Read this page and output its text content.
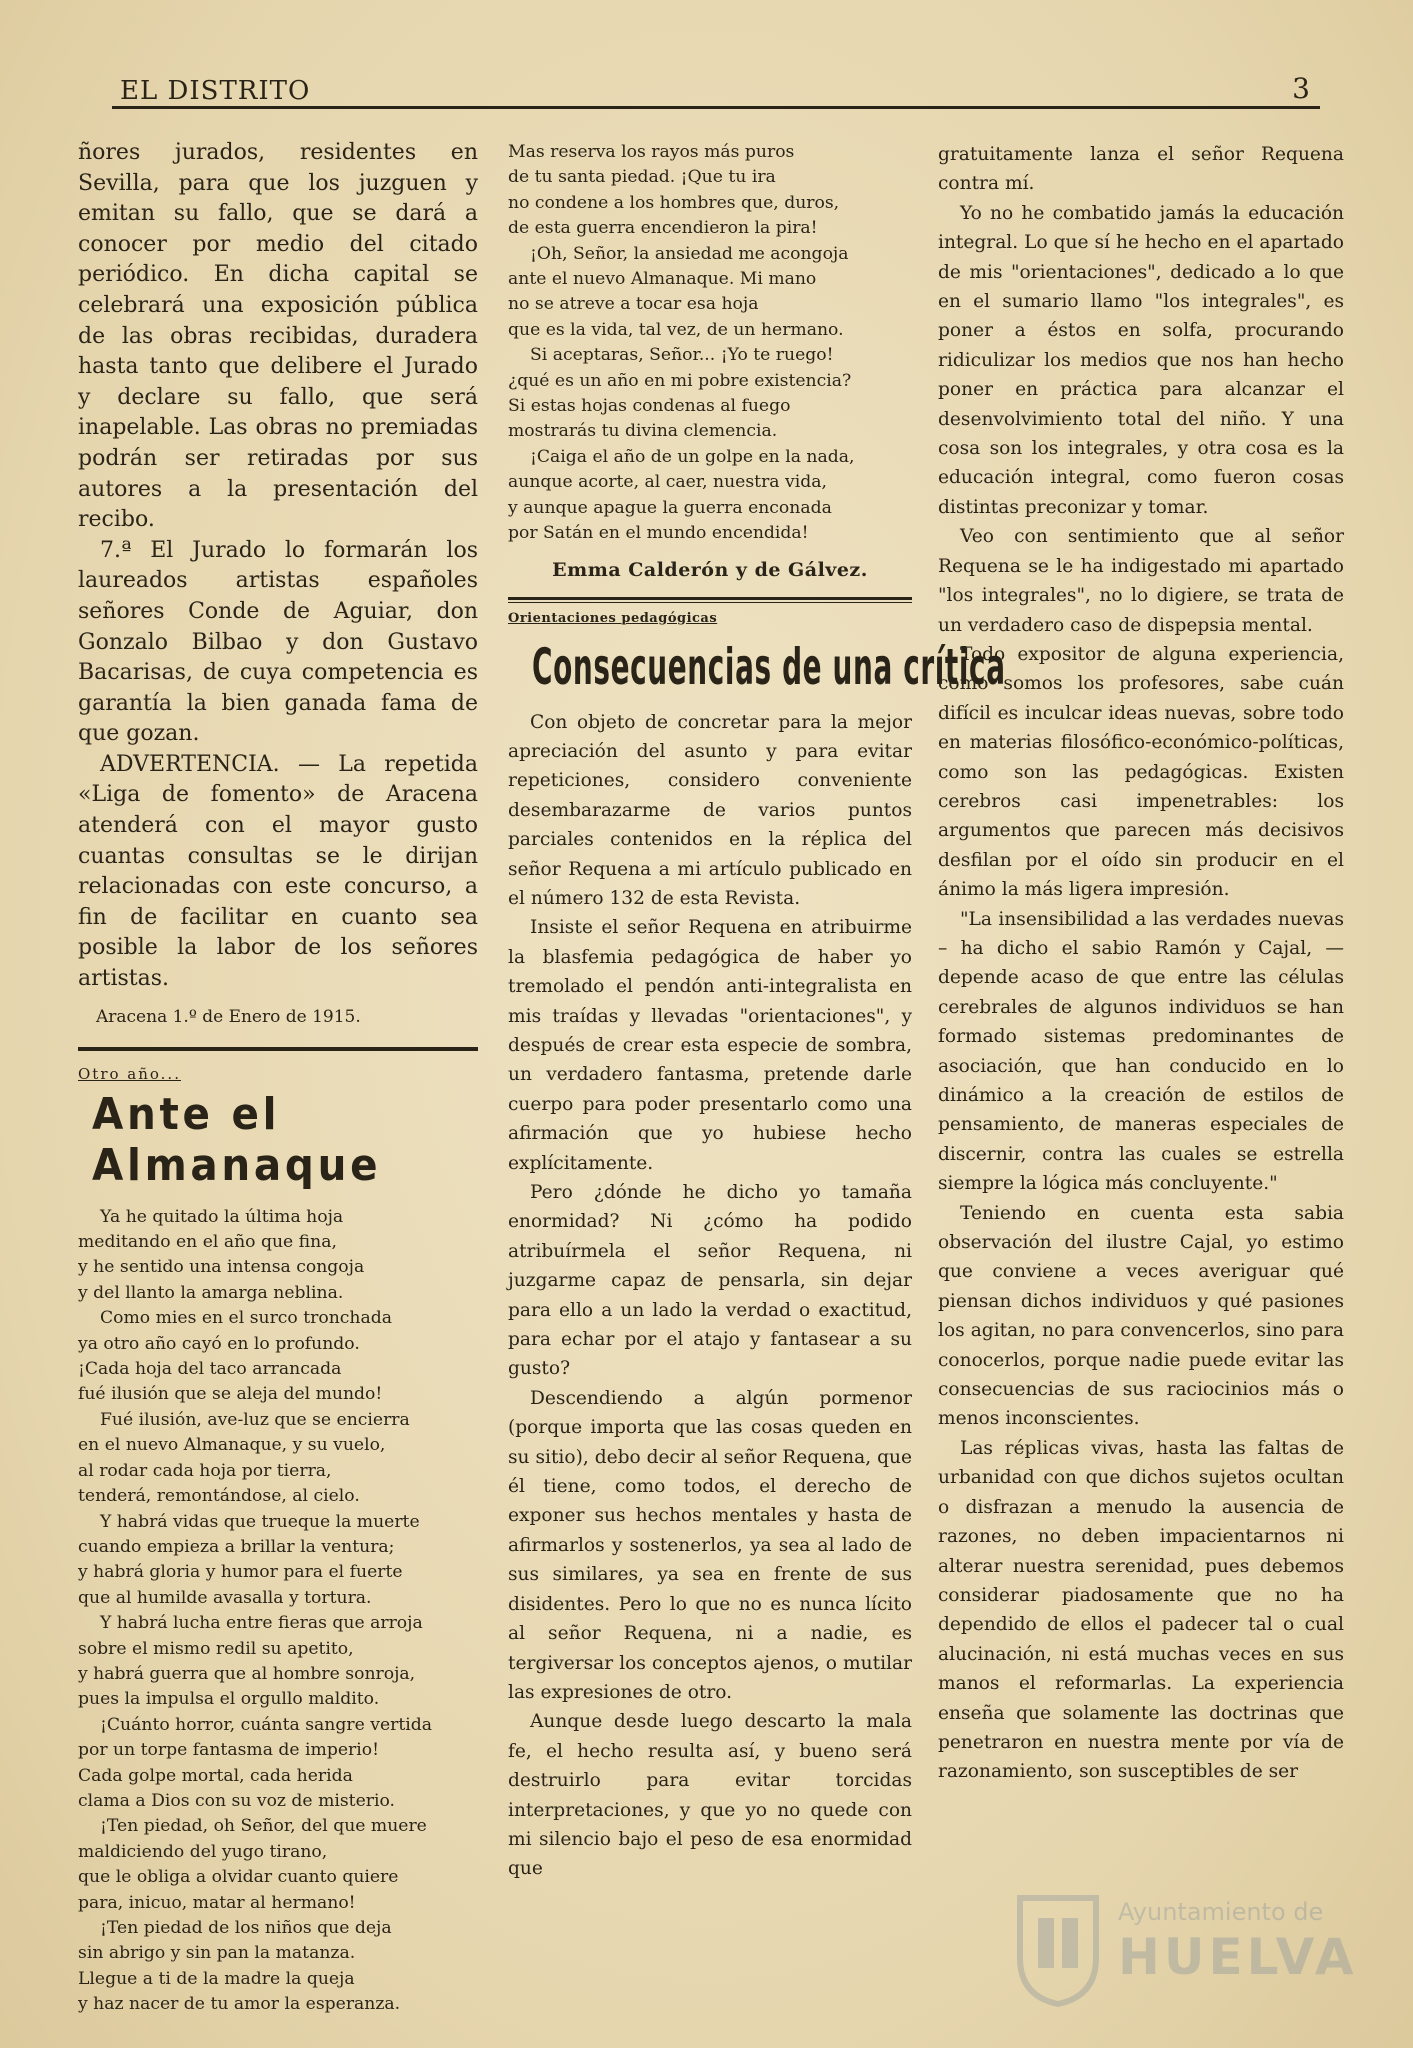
EL DISTRITO	3

ñores jurados, residentes en Sevilla, para que los juzguen y emitan su fallo, que se dará a conocer por medio del citado periódico. En dicha capital se celebrará una exposición pública de las obras recibidas, duradera hasta tanto que delibere el Jurado y declare su fallo, que será inapelable. Las obras no premiadas podrán ser retiradas por sus autores a la presentación del recibo.

7.ª El Jurado lo formarán los laureados artistas españoles señores Conde de Aguiar, don Gonzalo Bilbao y don Gustavo Bacarisas, de cuya competencia es garantía la bien ganada fama de que gozan.

ADVERTENCIA. — La repetida «Liga de fomento» de Aracena atenderá con el mayor gusto cuantas consultas se le dirijan relacionadas con este concurso, a fin de facilitar en cuanto sea posible la labor de los señores artistas.

Aracena 1.º de Enero de 1915.
Otro año...
Ante el Almanaque

Ya he quitado la última hoja

meditando en el año que fina,

y he sentido una intensa congoja

y del llanto la amarga neblina.

Como mies en el surco tronchada

ya otro año cayó en lo profundo.

¡Cada hoja del taco arrancada

fué ilusión que se aleja del mundo!

Fué ilusión, ave-luz que se encierra

en el nuevo Almanaque, y su vuelo,

al rodar cada hoja por tierra,

tenderá, remontándose, al cielo.

Y habrá vidas que trueque la muerte

cuando empieza a brillar la ventura;

y habrá gloria y humor para el fuerte

que al humilde avasalla y tortura.

Y habrá lucha entre fieras que arroja

sobre el mismo redil su apetito,

y habrá guerra que al hombre sonroja,

pues la impulsa el orgullo maldito.

¡Cuánto horror, cuánta sangre vertida

por un torpe fantasma de imperio!

Cada golpe mortal, cada herida

clama a Dios con su voz de misterio.

¡Ten piedad, oh Señor, del que muere

maldiciendo del yugo tirano,

que le obliga a olvidar cuanto quiere

para, inicuo, matar al hermano!

¡Ten piedad de los niños que deja

sin abrigo y sin pan la matanza.

Llegue a ti de la madre la queja

y haz nacer de tu amor la esperanza.

Mas reserva los rayos más puros

de tu santa piedad. ¡Que tu ira

no condene a los hombres que, duros,

de esta guerra encendieron la pira!

¡Oh, Señor, la ansiedad me acongoja

ante el nuevo Almanaque. Mi mano

no se atreve a tocar esa hoja

que es la vida, tal vez, de un hermano.

Si aceptaras, Señor... ¡Yo te ruego!

¿qué es un año en mi pobre existencia?

Si estas hojas condenas al fuego

mostrarás tu divina clemencia.

¡Caiga el año de un golpe en la nada,

aunque acorte, al caer, nuestra vida,

y aunque apague la guerra enconada

por Satán en el mundo encendida!

Emma Calderón y de Gálvez.
Orientaciones pedagógicas
Consecuencias de una crítica

Con objeto de concretar para la mejor apreciación del asunto y para evitar repeticiones, considero conveniente desembarazarme de varios puntos parciales contenidos en la réplica del señor Requena a mi artículo publicado en el número 132 de esta Revista.

Insiste el señor Requena en atribuirme la blasfemia pedagógica de haber yo tremolado el pendón anti-integralista en mis traídas y llevadas "orientaciones", y después de crear esta especie de sombra, un verdadero fantasma, pretende darle cuerpo para poder presentarlo como una afirmación que yo hubiese hecho explícitamente.

Pero ¿dónde he dicho yo tamaña enormidad? Ni ¿cómo ha podido atribuírmela el señor Requena, ni juzgarme capaz de pensarla, sin dejar para ello a un lado la verdad o exactitud, para echar por el atajo y fantasear a su gusto?

Descendiendo a algún pormenor (porque importa que las cosas queden en su sitio), debo decir al señor Requena, que él tiene, como todos, el derecho de exponer sus hechos mentales y hasta de afirmarlos y sostenerlos, ya sea al lado de sus similares, ya sea en frente de sus disidentes. Pero lo que no es nunca lícito al señor Requena, ni a nadie, es tergiversar los conceptos ajenos, o mutilar las expresiones de otro.

Aunque desde luego descarto la mala fe, el hecho resulta así, y bueno será destruirlo para evitar torcidas interpretaciones, y que yo no quede con mi silencio bajo el peso de esa enormidad que

gratuitamente lanza el señor Requena contra mí.

Yo no he combatido jamás la educación integral. Lo que sí he hecho en el apartado de mis "orientaciones", dedicado a lo que en el sumario llamo "los integrales", es poner a éstos en solfa, procurando ridiculizar los medios que nos han hecho poner en práctica para alcanzar el desenvolvimiento total del niño. Y una cosa son los integrales, y otra cosa es la educación integral, como fueron cosas distintas preconizar y tomar.

Veo con sentimiento que al señor Requena se le ha indigestado mi apartado "los integrales", no lo digiere, se trata de un verdadero caso de dispepsia mental.

Todo expositor de alguna experiencia, como somos los profesores, sabe cuán difícil es inculcar ideas nuevas, sobre todo en materias filosófico-económico-políticas, como son las pedagógicas. Existen cerebros casi impenetrables: los argumentos que parecen más decisivos desfilan por el oído sin producir en el ánimo la más ligera impresión.

"La insensibilidad a las verdades nuevas – ha dicho el sabio Ramón y Cajal, — depende acaso de que entre las células cerebrales de algunos individuos se han formado sistemas predominantes de asociación, que han conducido en lo dinámico a la creación de estilos de pensamiento, de maneras especiales de discernir, contra las cuales se estrella siempre la lógica más concluyente."

Teniendo en cuenta esta sabia observación del ilustre Cajal, yo estimo que conviene a veces averiguar qué piensan dichos individuos y qué pasiones los agitan, no para convencerlos, sino para conocerlos, porque nadie puede evitar las consecuencias de sus raciocinios más o menos inconscientes.

Las réplicas vivas, hasta las faltas de urbanidad con que dichos sujetos ocultan o disfrazan a menudo la ausencia de razones, no deben impacientarnos ni alterar nuestra serenidad, pues debemos considerar piadosamente que no ha dependido de ellos el padecer tal o cual alucinación, ni está muchas veces en sus manos el reformarlas. La experiencia enseña que solamente las doctrinas que penetraron en nuestra mente por vía de razonamiento, son susceptibles de ser

Ayuntamiento de
HUELVA
